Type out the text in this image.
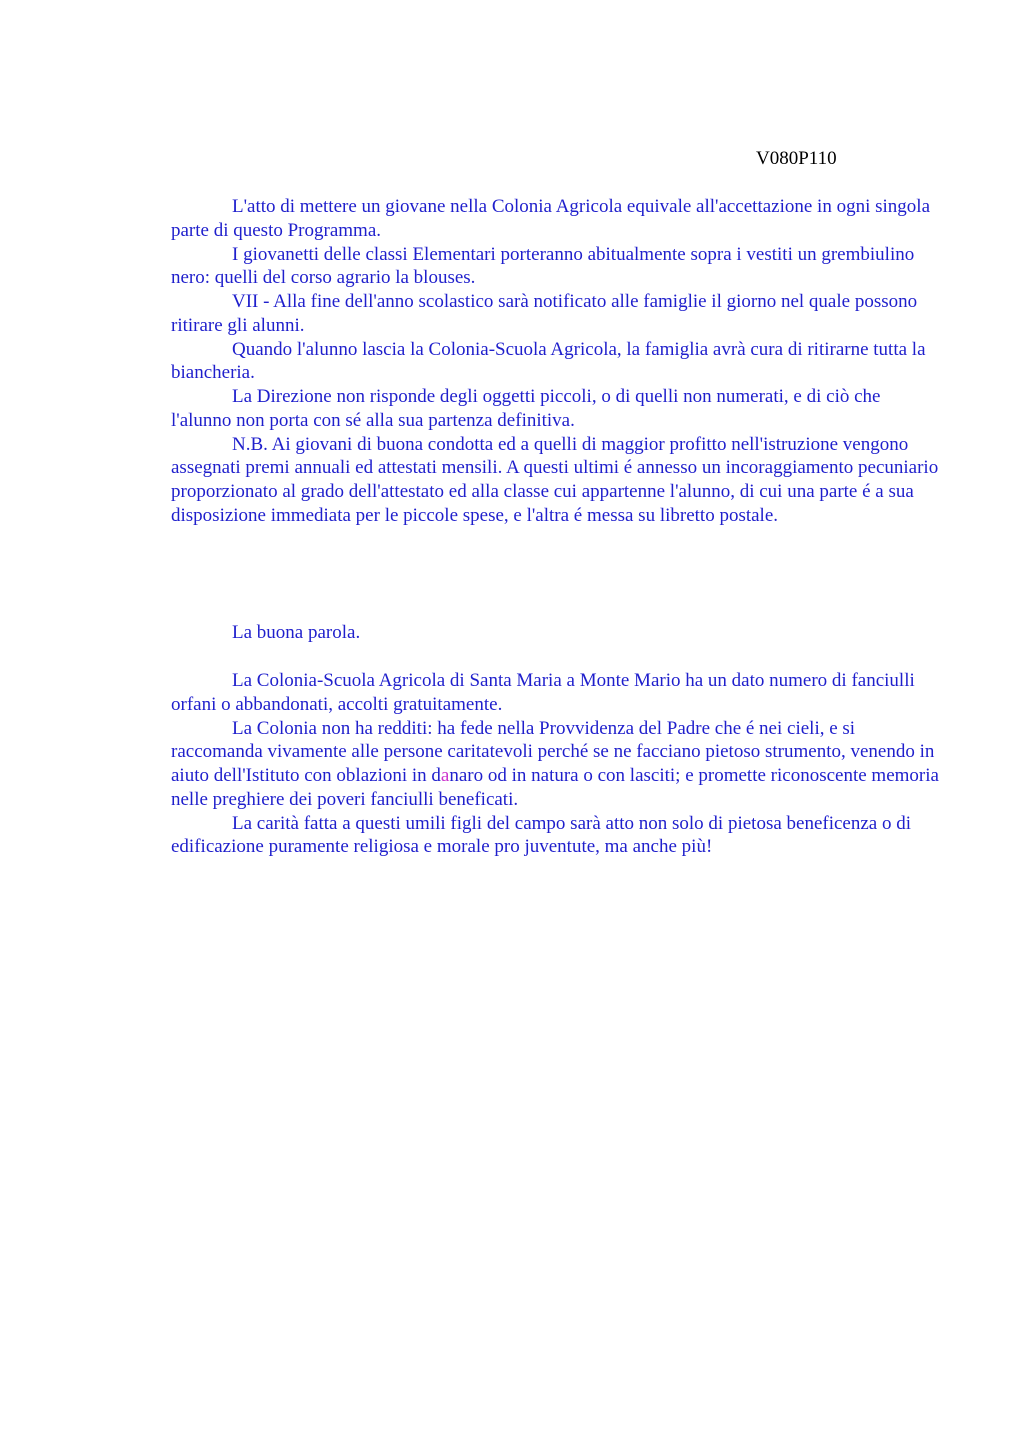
V080P110

L'atto di mettere un giovane nella Colonia Agricola equivale all'accettazione in ogni singola parte di questo Programma.

I giovanetti delle classi Elementari porteranno abitualmente sopra i vestiti un grembiulino nero: quelli del corso agrario la blouses.

VII - Alla fine dell'anno scolastico sarà notificato alle famiglie il giorno nel quale possono ritirare gli alunni.

Quando l'alunno lascia la Colonia-Scuola Agricola, la famiglia avrà cura di ritirarne tutta la biancheria.

La Direzione non risponde degli oggetti piccoli, o di quelli non numerati, e di ciò che l'alunno non porta con sé alla sua partenza definitiva.

N.B. Ai giovani di buona condotta ed a quelli di maggior profitto nell'istruzione vengono assegnati premi annuali ed attestati mensili. A questi ultimi é annesso un incoraggiamento pecuniario proporzionato al grado dell'attestato ed alla classe cui appartenne l'alunno, di cui una parte é a sua disposizione immediata per le piccole spese, e l'altra é messa su libretto postale.

La buona parola.

La Colonia-Scuola Agricola di Santa Maria a Monte Mario ha un dato numero di fanciulli orfani o abbandonati, accolti gratuitamente.

La Colonia non ha redditi: ha fede nella Provvidenza del Padre che é nei cieli, e si raccomanda vivamente alle persone caritatevoli perché se ne facciano pietoso strumento, venendo in aiuto dell'Istituto con oblazioni in danaro od in natura o con lasciti; e promette riconoscente memoria nelle preghiere dei poveri fanciulli beneficati.

La carità fatta a questi umili figli del campo sarà atto non solo di pietosa beneficenza o di edificazione puramente religiosa e morale pro juventute, ma anche più!
